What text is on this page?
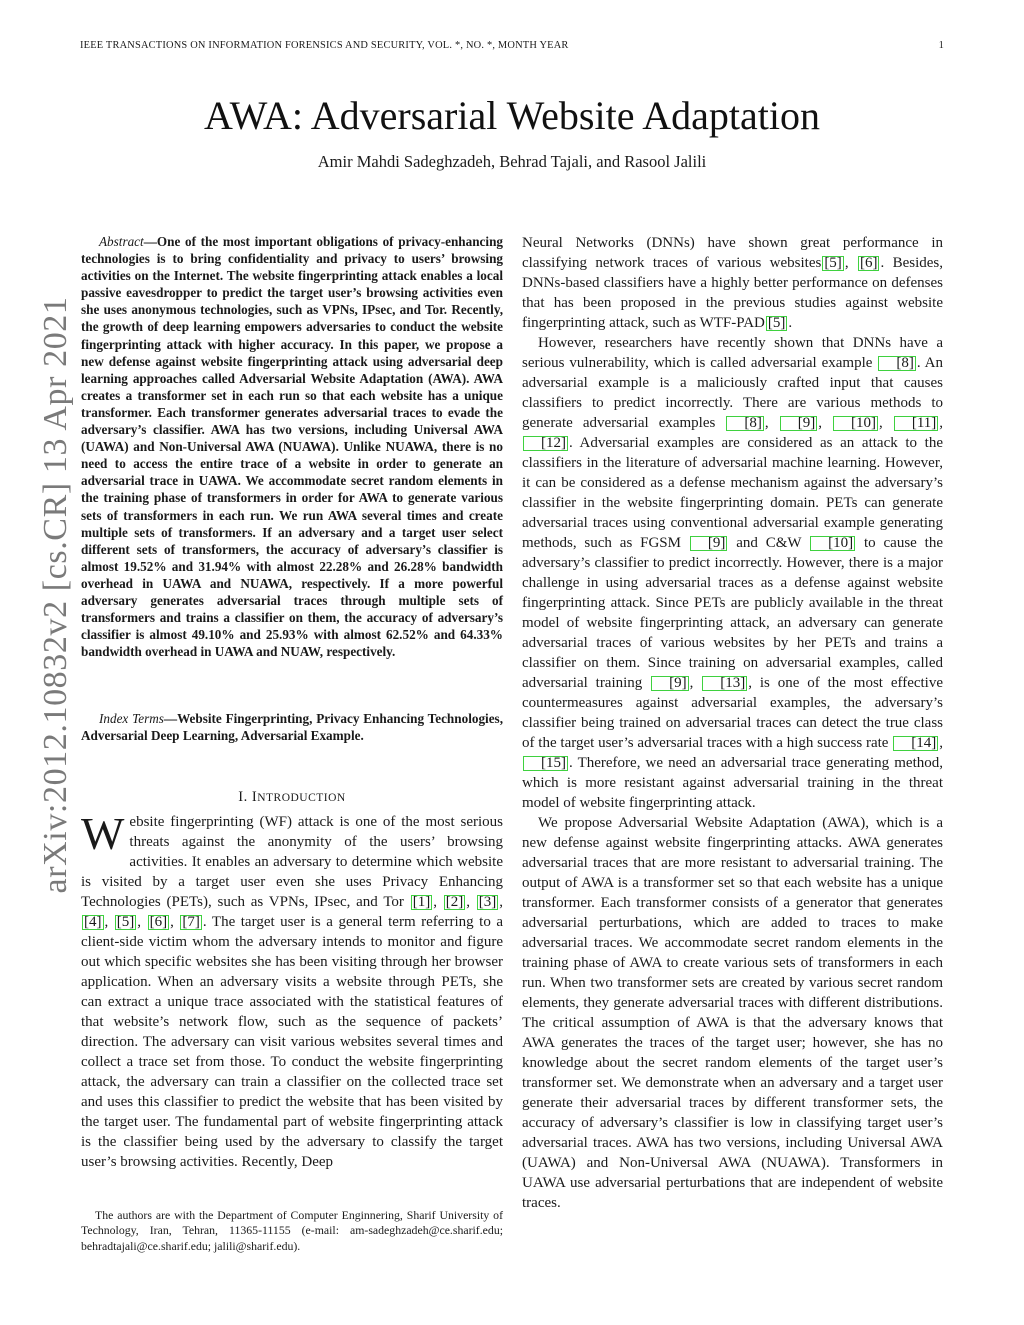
IEEE TRANSACTIONS ON INFORMATION FORENSICS AND SECURITY, VOL. *, NO. *, MONTH YEAR	1
AWA: Adversarial Website Adaptation
Amir Mahdi Sadeghzadeh, Behrad Tajali, and Rasool Jalili
arXiv:2012.10832v2 [cs.CR] 13 Apr 2021

Abstract—One of the most important obligations of privacy-enhancing technologies is to bring confidentiality and privacy to users’ browsing activities on the Internet. The website fingerprinting attack enables a local passive eavesdropper to predict the target user’s browsing activities even she uses anonymous technologies, such as VPNs, IPsec, and Tor. Recently, the growth of deep learning empowers adversaries to conduct the website fingerprinting attack with higher accuracy. In this paper, we propose a new defense against website fingerprinting attack using adversarial deep learning approaches called Adversarial Website Adaptation (AWA). AWA creates a transformer set in each run so that each website has a unique transformer. Each transformer generates adversarial traces to evade the adversary’s classifier. AWA has two versions, including Universal AWA (UAWA) and Non-Universal AWA (NUAWA). Unlike NUAWA, there is no need to access the entire trace of a website in order to generate an adversarial trace in UAWA. We accommodate secret random elements in the training phase of transformers in order for AWA to generate various sets of transformers in each run. We run AWA several times and create multiple sets of transformers. If an adversary and a target user select different sets of transformers, the accuracy of adversary’s classifier is almost 19.52% and 31.94% with almost 22.28% and 26.28% bandwidth overhead in UAWA and NUAWA, respectively. If a more powerful adversary generates adversarial traces through multiple sets of transformers and trains a classifier on them, the accuracy of adversary’s classifier is almost 49.10% and 25.93% with almost 62.52% and 64.33% bandwidth overhead in UAWA and NUAW, respectively.

Index Terms—Website Fingerprinting, Privacy Enhancing Technologies, Adversarial Deep Learning, Adversarial Example.

I. INTRODUCTION

Website fingerprinting (WF) attack is one of the most serious threats against the anonymity of the users’ browsing activities. It enables an adversary to determine which website is visited by a target user even she uses Privacy Enhancing Technologies (PETs), such as VPNs, IPsec, and Tor [1] , [2] , [3] , [4] , [5] , [6] , [7] . The target user is a general term referring to a client-side victim whom the adversary intends to monitor and figure out which specific websites she has been visiting through her browser application. When an adversary visits a website through PETs, she can extract a unique trace associated with the statistical features of that website’s network flow, such as the sequence of packets’ direction. The adversary can visit various websites several times and collect a trace set from those. To conduct the website fingerprinting attack, the adversary can train a classifier on the collected trace set and uses this classifier to predict the website that has been visited by the target user. The fundamental part of website fingerprinting attack is the classifier being used by the adversary to classify the target user’s browsing activities. Recently, Deep

The authors are with the Department of Computer Enginnering, Sharif University of Technology, Iran, Tehran, 11365-11155 (e-mail: am-sadeghzadeh@ce.sharif.edu; behradtajali@ce.sharif.edu; jalili@sharif.edu).

Neural Networks (DNNs) have shown great performance in classifying network traces of various websites [5] , [6] . Besides, DNNs-based classifiers have a highly better performance on defenses that has been proposed in the previous studies against website fingerprinting attack, such as WTF-PAD [5] .

However, researchers have recently shown that DNNs have a serious vulnerability, which is called adversarial example [8] . An adversarial example is a maliciously crafted input that causes classifiers to predict incorrectly. There are various methods to generate adversarial examples [8] , [9] , [10] , [11] , [12] . Adversarial examples are considered as an attack to the classifiers in the literature of adversarial machine learning. However, it can be considered as a defense mechanism against the adversary’s classifier in the website fingerprinting domain. PETs can generate adversarial traces using conventional adversarial example generating methods, such as FGSM [9] and C&W [10] to cause the adversary’s classifier to predict incorrectly. However, there is a major challenge in using adversarial traces as a defense against website fingerprinting attack. Since PETs are publicly available in the threat model of website fingerprinting attack, an adversary can generate adversarial traces of various websites by her PETs and trains a classifier on them. Since training on adversarial examples, called adversarial training [9] , [13] , is one of the most effective countermeasures against adversarial examples, the adversary’s classifier being trained on adversarial traces can detect the true class of the target user’s adversarial traces with a high success rate [14] , [15] . Therefore, we need an adversarial trace generating method, which is more resistant against adversarial training in the threat model of website fingerprinting attack.

We propose Adversarial Website Adaptation (AWA), which is a new defense against website fingerprinting attacks. AWA generates adversarial traces that are more resistant to adversarial training. The output of AWA is a transformer set so that each website has a unique transformer. Each transformer consists of a generator that generates adversarial perturbations, which are added to traces to make adversarial traces. We accommodate secret random elements in the training phase of AWA to create various sets of transformers in each run. When two transformer sets are created by various secret random elements, they generate adversarial traces with different distributions. The critical assumption of AWA is that the adversary knows that AWA generates the traces of the target user; however, she has no knowledge about the secret random elements of the target user’s transformer set. We demonstrate when an adversary and a target user generate their adversarial traces by different transformer sets, the accuracy of adversary’s classifier is low in classifying target user’s adversarial traces. AWA has two versions, including Universal AWA (UAWA) and Non-Universal AWA (NUAWA). Transformers in UAWA use adversarial perturbations that are independent of website traces.
